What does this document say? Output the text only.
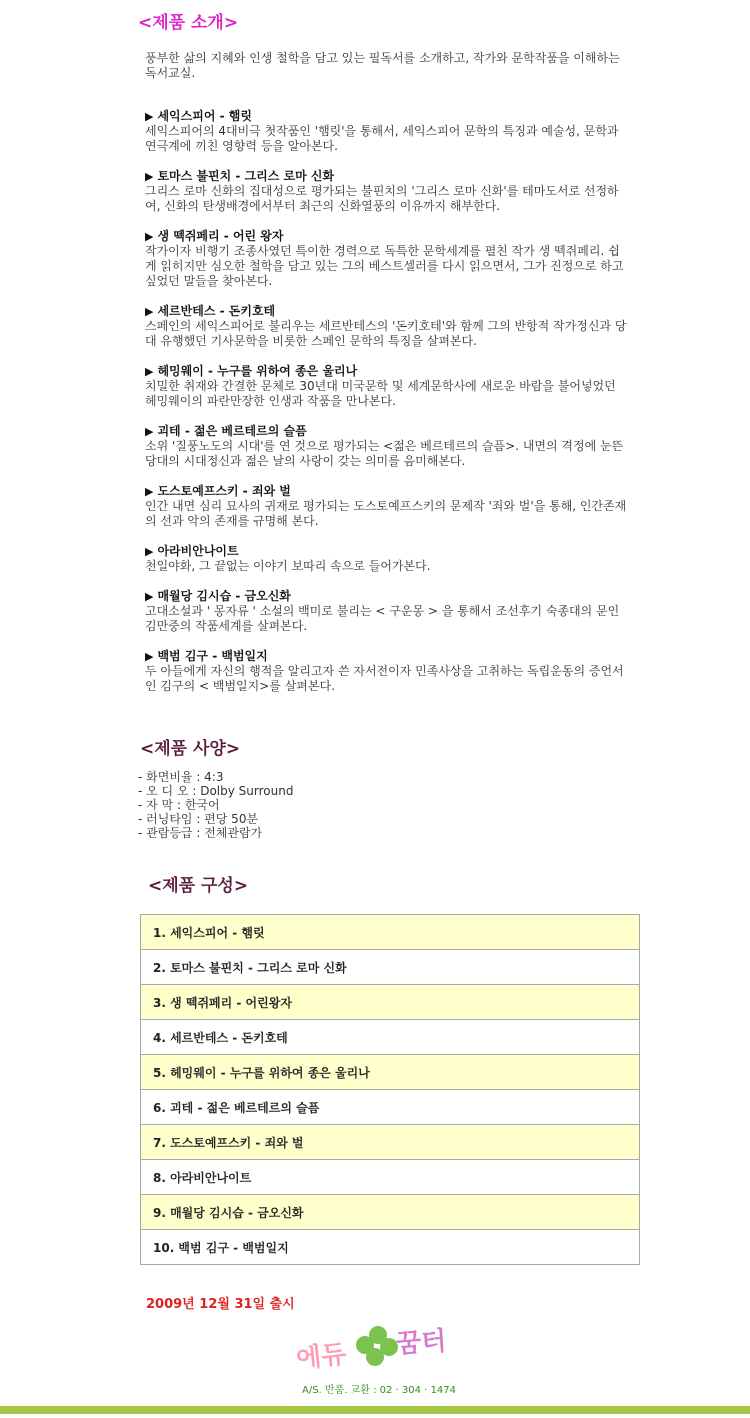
<제품 소개>
풍부한 삶의 지혜와 인생 철학을 담고 있는 필독서를 소개하고, 작가와 문학작품을 이해하는 독서교실.
▶ 세익스피어 - 햄릿
세익스피어의 4대비극 첫작품인 '햄릿'을 통해서, 세익스피어 문학의 특징과 예술성, 문학과 연극계에 끼친 영향력 등을 알아본다.
▶ 토마스 불핀치 - 그리스 로마 신화
그리스 로마 신화의 집대성으로 평가되는 불핀치의 '그리스 로마 신화'를 테마도서로 선정하여, 신화의 탄생배경에서부터 최근의 신화열풍의 이유까지 해부한다.
▶ 생 떽쥐페리 - 어린 왕자
작가이자 비행기 조종사였던 특이한 경력으로 독특한 문학세계를 펼친 작가 생 떽쥐페리. 쉽게 읽히지만 심오한 철학을 담고 있는 그의 베스트셀러를 다시 읽으면서, 그가 진정으로 하고 싶었던 말들을 찾아본다.
▶ 세르반테스 - 돈키호테
스페인의 세익스피어로 불리우는 세르반테스의 '돈키호테'와 함께 그의 반항적 작가정신과 당대 유행했던 기사문학을 비롯한 스페인 문학의 특징을 살펴본다.
▶ 헤밍웨이 - 누구를 위하여 종은 울리나
치밀한 취재와 간결한 문체로 30년대 미국문학 및 세계문학사에 새로운 바람을 불어넣었던 헤밍웨이의 파란만장한 인생과 작품을 만나본다.
▶ 괴테 - 젊은 베르테르의 슬픔
소위 '질풍노도의 시대'를 연 것으로 평가되는 <젊은 베르테르의 슬픔>. 내면의 격정에 눈뜬 당대의 시대정신과 젊은 날의 사랑이 갖는 의미를 음미해본다.
▶ 도스토예프스키 - 죄와 벌
인간 내면 심리 묘사의 귀재로 평가되는 도스토예프스키의 문제작 '죄와 벌'을 통해, 인간존재의 선과 악의 존재를 규명해 본다.
▶ 아라비안나이트
천일야화, 그 끝없는 이야기 보따리 속으로 들어가본다.
▶ 매월당 김시습 - 금오신화
고대소설과 ' 몽자류 ' 소설의 백미로 불리는 < 구운몽 > 을 통해서 조선후기 숙종대의 문인 김만중의 작품세계를 살펴본다.
▶ 백범 김구 - 백범일지
두 아들에게 자신의 행적을 알리고자 쓴 자서전이자 민족사상을 고취하는 독립운동의 증언서인 김구의 < 백범일지>를 살펴본다.
<제품 사양>
- 화면비율 : 4:3
- 오 디 오 : Dolby Surround
- 자 막 : 한국어
- 러닝타임 : 편당 50분
- 관람등급 : 전체관람가
<제품 구성>
1. 세익스피어 - 햄릿
2. 토마스 불핀치 - 그리스 로마 신화
3. 생 떽쥐페리 - 어린왕자
4. 세르반테스 - 돈키호테
5. 헤밍웨이 - 누구를 위하여 종은 울리나
6. 괴테 - 젊은 베르테르의 슬픔
7. 도스토예프스키 - 죄와 벌
8. 아라비안나이트
9. 매월당 김시습 - 금오신화
10. 백범 김구 - 백범일지
2009년 12월 31일 출시
에듀 꿈터
A/S. 반품. 교환 : 02 · 304 · 1474
